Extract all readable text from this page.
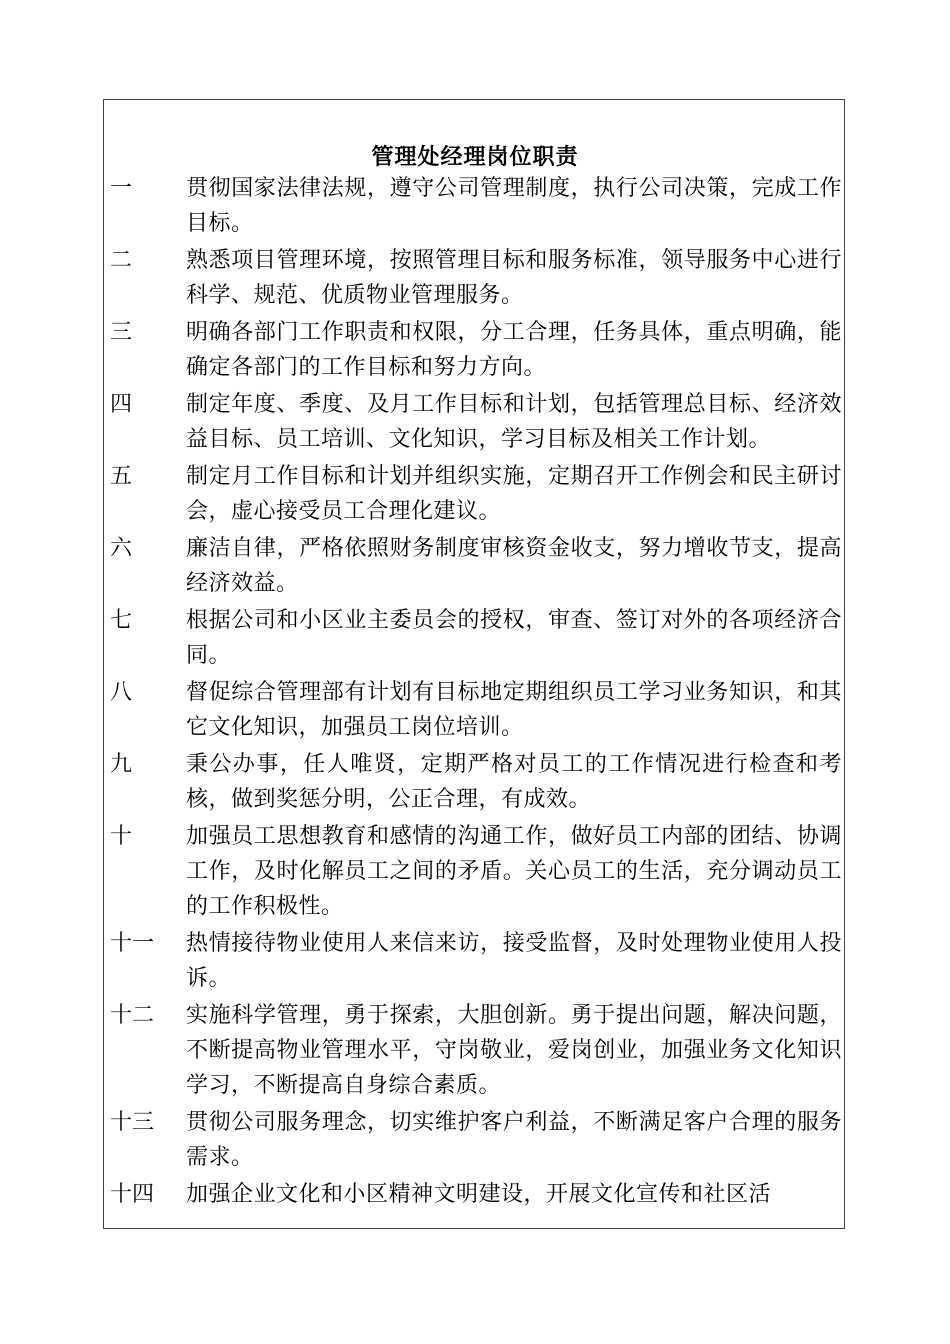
管理处经理岗位职责
一	贯彻国家法律法规，遵守公司管理制度，执行公司决策，完成工作目标。
二	熟悉项目管理环境，按照管理目标和服务标准，领导服务中心进行科学、规范、优质物业管理服务。
三	明确各部门工作职责和权限，分工合理，任务具体，重点明确，能确定各部门的工作目标和努力方向。
四	制定年度、季度、及月工作目标和计划，包括管理总目标、经济效益目标、员工培训、文化知识，学习目标及相关工作计划。
五	制定月工作目标和计划并组织实施，定期召开工作例会和民主研讨会，虚心接受员工合理化建议。
六	廉洁自律，严格依照财务制度审核资金收支，努力增收节支，提高经济效益。
七	根据公司和小区业主委员会的授权，审查、签订对外的各项经济合同。
八	督促综合管理部有计划有目标地定期组织员工学习业务知识，和其它文化知识，加强员工岗位培训。
九	秉公办事，任人唯贤，定期严格对员工的工作情况进行检查和考核，做到奖惩分明，公正合理，有成效。
十	加强员工思想教育和感情的沟通工作，做好员工内部的团结、协调工作，及时化解员工之间的矛盾。关心员工的生活，充分调动员工的工作积极性。
十一	热情接待物业使用人来信来访，接受监督，及时处理物业使用人投诉。
十二	实施科学管理，勇于探索，大胆创新。勇于提出问题，解决问题，不断提高物业管理水平，守岗敬业，爱岗创业，加强业务文化知识学习，不断提高自身综合素质。
十三	贯彻公司服务理念，切实维护客户利益，不断满足客户合理的服务需求。
十四	加强企业文化和小区精神文明建设，开展文化宣传和社区活
